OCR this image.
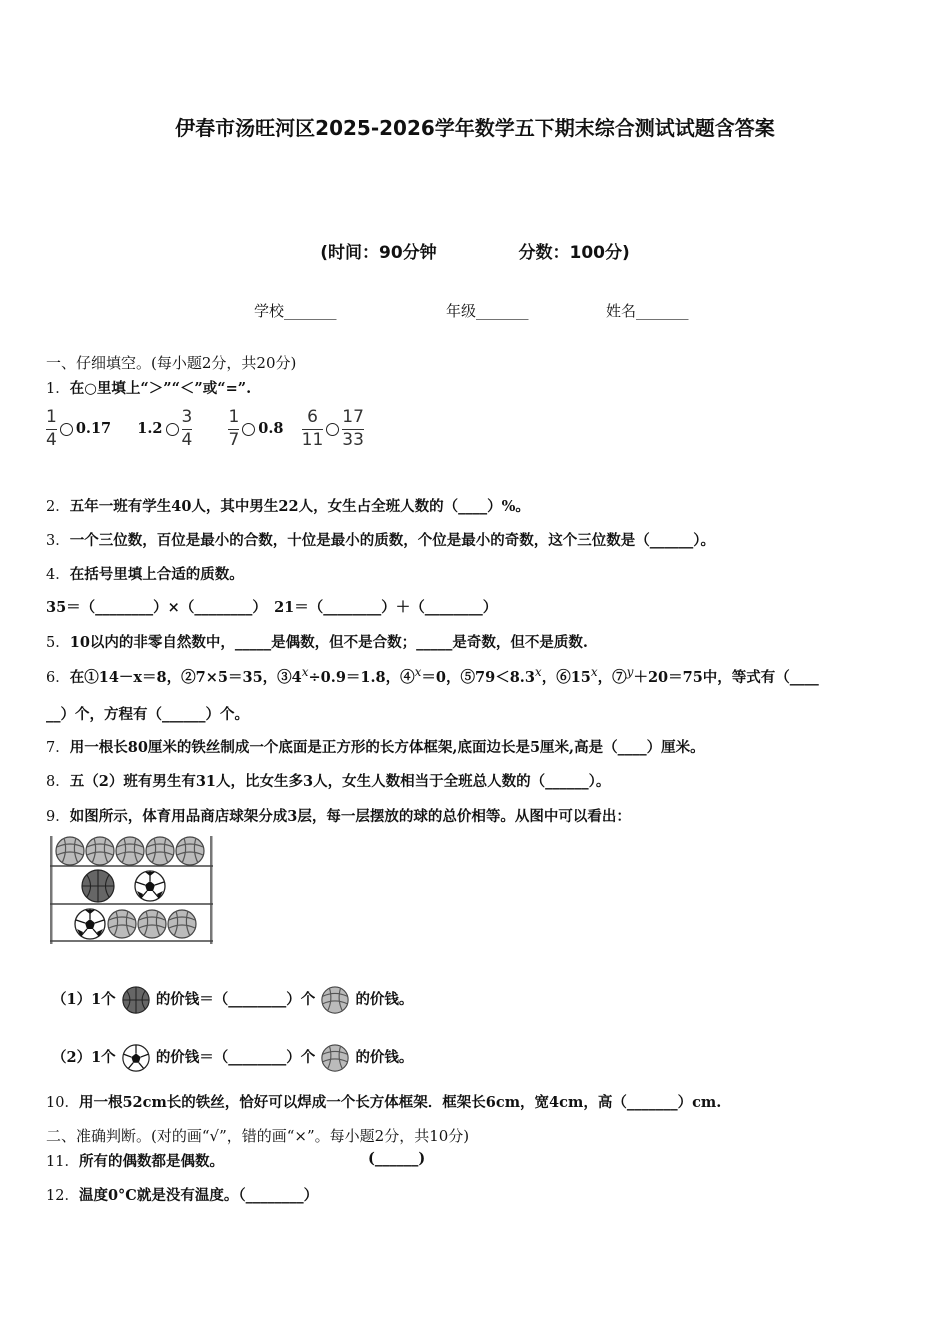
伊春市汤旺河区2025-2026学年数学五下期末综合测试试题含答案
(时间：90分钟	分数：100分)
学校_______	年级_______	姓名_______
一、仔细填空。(每小题2分，共20分)
1．在○里填上“＞”“＜”或“=”.
$\frac{1}{4} 0.17$ $1.2 \frac{3}{4}$
$\frac{1}{7} 0.8 \frac{6}{11} \frac{17}{33}$
2．五年一班有学生40人，其中男生22人，女生占全班人数的（____）%。
3．一个三位数，百位是最小的合数，十位是最小的质数，个位是最小的奇数，这个三位数是（______）。
4．在括号里填上合适的质数。
35＝（________）×（________）　21＝（________）＋（________）
5．10以内的非零自然数中，_____是偶数，但不是合数；_____是奇数，但不是质数.
6．在①14－x＝8，②7×5＝35，$③4^x\div 0.9=1.8$，④$^x$＝0，$⑤79<8.3^x$，⑥15$^x$，⑦$^y$＋20＝75中，等式有（____
__）个，方程有（______）个。
7．用一根长80厘米的铁丝制成一个底面是正方形的长方体框架,底面边长是5厘米,高是（____）厘米。
8．五（2）班有男生有31人，比女生多3人，女生人数相当于全班总人数的（______）。
9．如图所示，体育用品商店球架分成3层，每一层摆放的球的总价相等。从图中可以看出：
（1）1个	的价钱＝（________）个	的价钱。
（2）1个	的价钱＝（________）个	的价钱。
10．用一根52cm长的铁丝，恰好可以焊成一个长方体框架．框架长6cm，宽4cm，高（_______）cm.
二、准确判断。(对的画“√”，错的画“×”。每小题2分，共10分)
11．所有的偶数都是偶数。	(______)
12．温度0°C就是没有温度。（________）
